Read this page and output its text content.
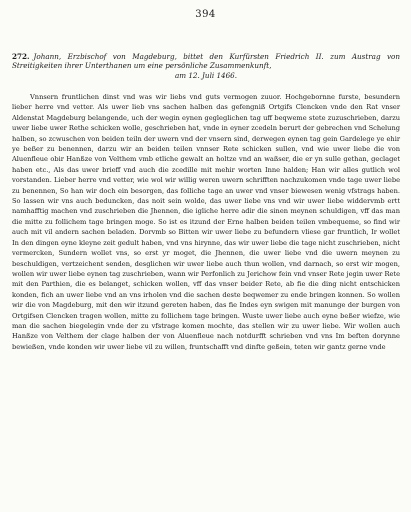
394
272. Johann, Erzbischof von Magdeburg, bittet den Kurfürsten Friedrich II. zum Austrag von Streitigkeiten ihrer Unterthanen um eine persönliche Zusammenkunft,
am 12. Juli 1466.

Vnnsern fruntlichen dinst vnd was wir liebs vnd guts vermogen zuuor. Hochgebornne furste, besundern lieber herre vnd vetter. Als uwer lieb vns sachen halben das gefengniß Ortgifs Clencken vnde den Rat vnser Aldenstat Magdeburg belangende, uch der wegin eynen gegleglichen tag uff beqweme stete zuzuschrieben, darzu uwer liebe uwer Rethe schicken wolle, geschrieben hat, vnde in eyner zcedeln berurt der gebrechen vnd Schelung halben, so zcwuschen von beiden teiln der uwern vnd der vnsern sind, derwegen eynen tag gein Gardelege ye ehir ye beßer zu benennen, darzu wir an beiden teilen vnnser Rete schicken sullen, vnd wie uwer liebe die von Aluenfleue obir Hanßze von Velthem vmb etliche gewalt an holtze vnd an waßser, die er yn sulle gethan, geclaget haben etc., Als das uwer brieff vnd auch die zcedille mit mehir worten Inne halden; Han wir alles gutlich wol vorstanden. Lieber herre vnd vetter, wie wol wir willig weren uwern schrifften nachzukomen vnde tage uwer liebe zu benennen, So han wir doch ein besorgen, das folliche tage an uwer vnd vnser biewesen wenig vfstrags haben. So lassen wir vns auch beduncken, das noit sein wolde, das uwer liebe vns vnd wir uwer liebe widdervmb ertt namhafftig machen vnd zuschrieben die Jhennen, die igliche herre adir die sinen meynen schuldigen, vff das man die mitte zu follichem tage bringen moge. So ist es itzund der Erne halben beiden teilen vmbequeme, so find wir auch mit vil andern sachen beladen. Dorvmb so Bitten wir uwer liebe zu befundern vliese gar fruntlich, Ir wollet In den dingen eyne kleyne zeit gedult haben, vnd vns hirynne, das wir uwer liebe die tage nicht zuschrieben, nicht vermercken, Sundern wollet vns, so erst yr moget, die Jhennen, die uwer liebe vnd die uwern meynen zu beschuldigen, vertzeichent senden, desglichen wir uwer liebe auch thun wollen, vnd darnach, so erst wir mogen, wollen wir uwer liebe eynen tag zuschrieben, wann wir Perfonlich zu Jerichow fein vnd vnser Rete jegin uwer Rete mit den Parthien, die es belanget, schicken wollen, vff das vnser beider Rete, ab fie die ding nicht entschicken konden, fich an uwer liebe vnd an vns irholen vnd die sachen deste beqwemer zu ende bringen konnen. So wollen wir die von Magdeburg, mit den wir itzund gereten haben, das fie Indes eyn swigen mit manunge der burgen von Ortgifsen Clencken tragen wollen, mitte zu follichem tage bringen. Wuste uwer liebe auch eyne beßer wiefze, wie man die sachen biegelegin vnde der zu vfstrage komen mochte, das stellen wir zu uwer liebe. Wir wollen auch Hanßze von Velthem der clage halben der von Aluenfleue nach notdurfft schrieben vnd vns Im beften dorynne bewießen, vnde konden wir uwer liebe vil zu willen, fruntschafft vnd dinfte geßein, teten wir gantz gerne vnde
